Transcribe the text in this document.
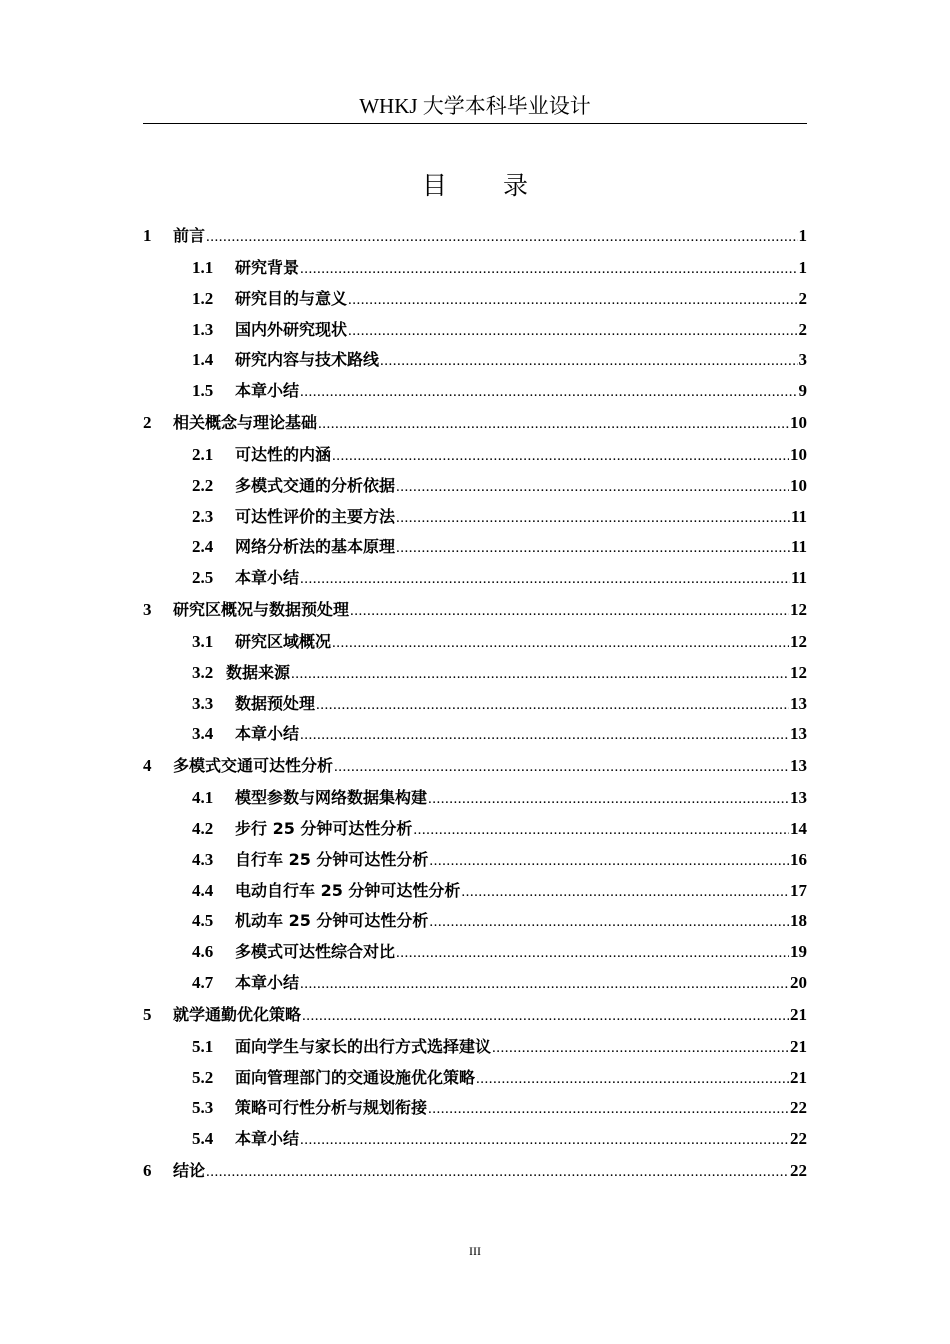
WHKJ 大学本科毕业设计
目 录
1	前言 .....	1
1.1	研究背景 .....	1
1.2	研究目的与意义 .....	2
1.3	国内外研究现状 .....	2
1.4	研究内容与技术路线 .....	3
1.5	本章小结 .....	9
2	相关概念与理论基础 .....	10
2.1	可达性的内涵 .....	10
2.2	多模式交通的分析依据 .....	10
2.3	可达性评价的主要方法 .....	11
2.4	网络分析法的基本原理 .....	11
2.5	本章小结 .....	11
3	研究区概况与数据预处理 .....	12
3.1	研究区域概况 .....	12
3.2 数据来源 .....	12
3.3	数据预处理 .....	13
3.4	本章小结 .....	13
4	多模式交通可达性分析 .....	13
4.1	模型参数与网络数据集构建 .....	13
4.2	步行 25 分钟可达性分析 .....	14
4.3	自行车 25 分钟可达性分析 .....	16
4.4	电动自行车 25 分钟可达性分析 .....	17
4.5	机动车 25 分钟可达性分析 .....	18
4.6	多模式可达性综合对比 .....	19
4.7	本章小结 .....	20
5	就学通勤优化策略 .....	21
5.1	面向学生与家长的出行方式选择建议 .....	21
5.2	面向管理部门的交通设施优化策略 .....	21
5.3	策略可行性分析与规划衔接 .....	22
5.4	本章小结 .....	22
6	结论 .....	22
III
